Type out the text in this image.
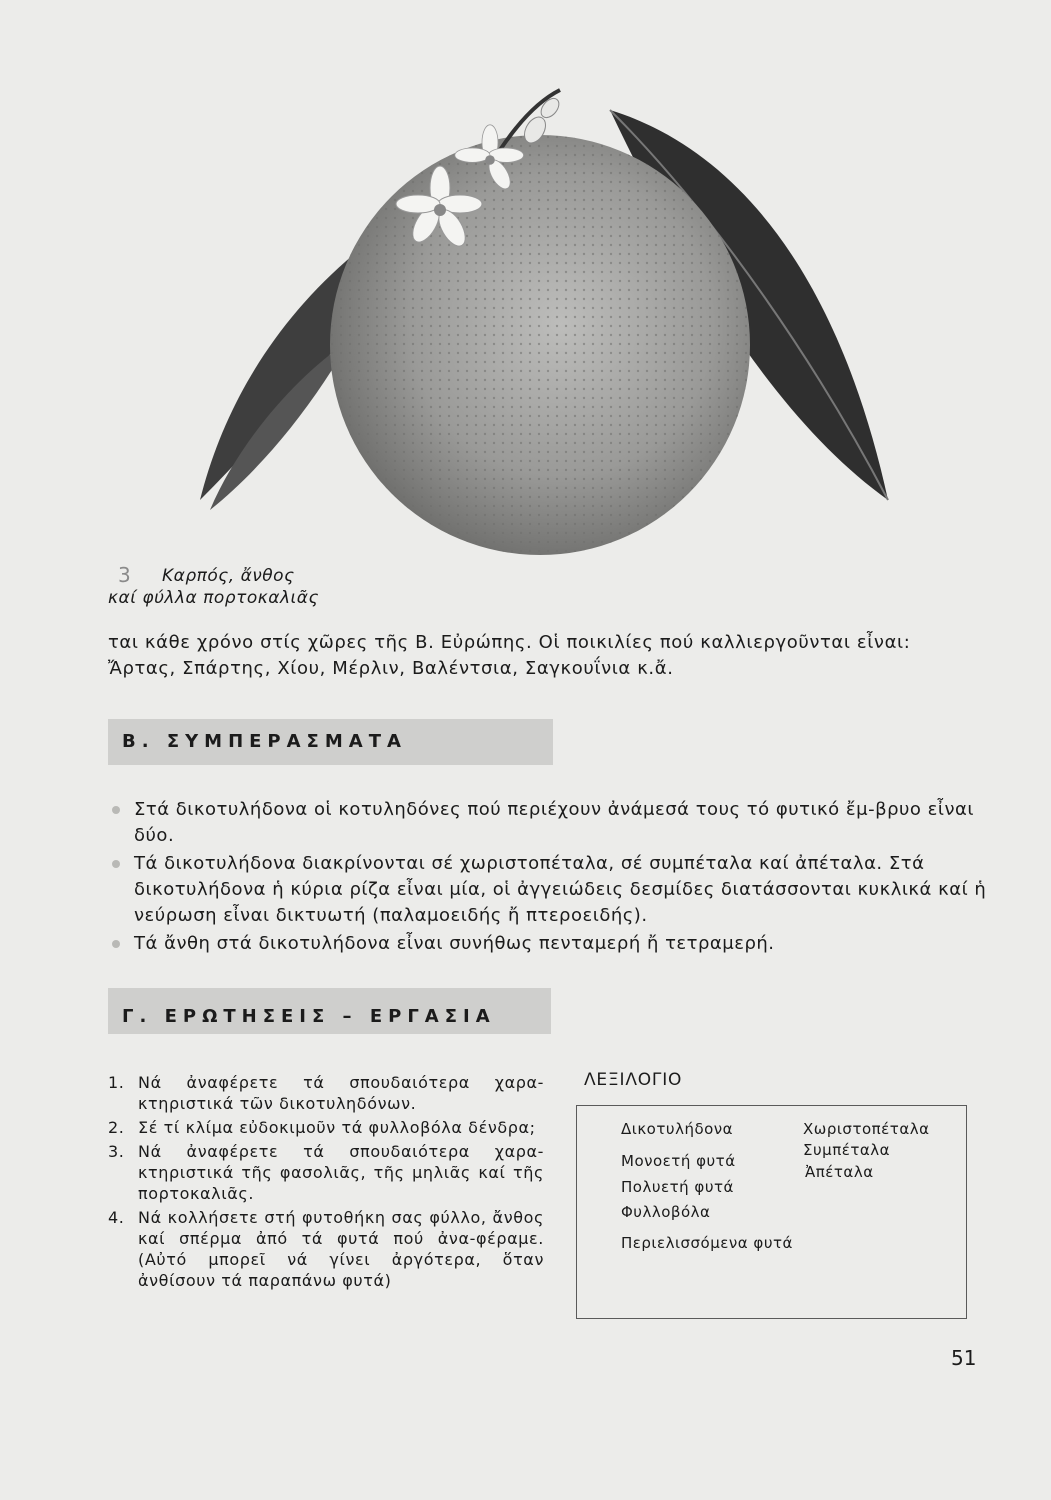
3	Καρπός, ἄνθος
καί φύλλα πορτοκαλιᾶς
ται κάθε χρόνο στίς χῶρες τῆς Β. Εὐρώπης. Οἱ ποικιλίες πού καλλιεργοῦνται εἶναι:
Ἄρτας, Σπάρτης, Χίου, Μέρλιν, Βαλέντσια, Σαγκουΐνια κ.ἄ.
Β. ΣΥΜΠΕΡΑΣΜΑΤΑ
Στά δικοτυλήδονα οἱ κοτυληδόνες πού περιέχουν ἀνάμεσά τους τό φυτικό ἔμ-βρυο εἶναι δύο.
Τά δικοτυλήδονα διακρίνονται σέ χωριστοπέταλα, σέ συμπέταλα καί ἀπέταλα. Στά δικοτυλήδονα ἡ κύρια ρίζα εἶναι μία, οἱ ἀγγειώδεις δεσμίδες διατάσσονται κυκλικά καί ἡ νεύρωση εἶναι δικτυωτή (παλαμοειδής ἤ πτεροειδής).
Τά ἄνθη στά δικοτυλήδονα εἶναι συνήθως πενταμερή ἤ τετραμερή.
Γ. ΕΡΩΤΗΣΕΙΣ – ΕΡΓΑΣΙΑ
1. Νά ἀναφέρετε τά σπουδαιότερα χαρα-κτηριστικά τῶν δικοτυληδόνων.
2. Σέ τί κλίμα εὐδοκιμοῦν τά φυλλοβόλα δένδρα;
3. Νά ἀναφέρετε τά σπουδαιότερα χαρα-κτηριστικά τῆς φασολιᾶς, τῆς μηλιᾶς καί τῆς πορτοκαλιᾶς.
4. Νά κολλήσετε στή φυτοθήκη σας φύλλο, ἄνθος καί σπέρμα ἀπό τά φυτά πού ἀνα-φέραμε. (Αὐτό μπορεῖ νά γίνει ἀργότερα, ὅταν ἀνθίσουν τά παραπάνω φυτά)
ΛΕΞΙΛΟΓΙΟ
Δικοτυλήδονα
Μονοετή φυτά
Πολυετή φυτά
Φυλλοβόλα
Περιελισσόμενα φυτά
Χωριστοπέταλα
Συμπέταλα
Ἀπέταλα
51
